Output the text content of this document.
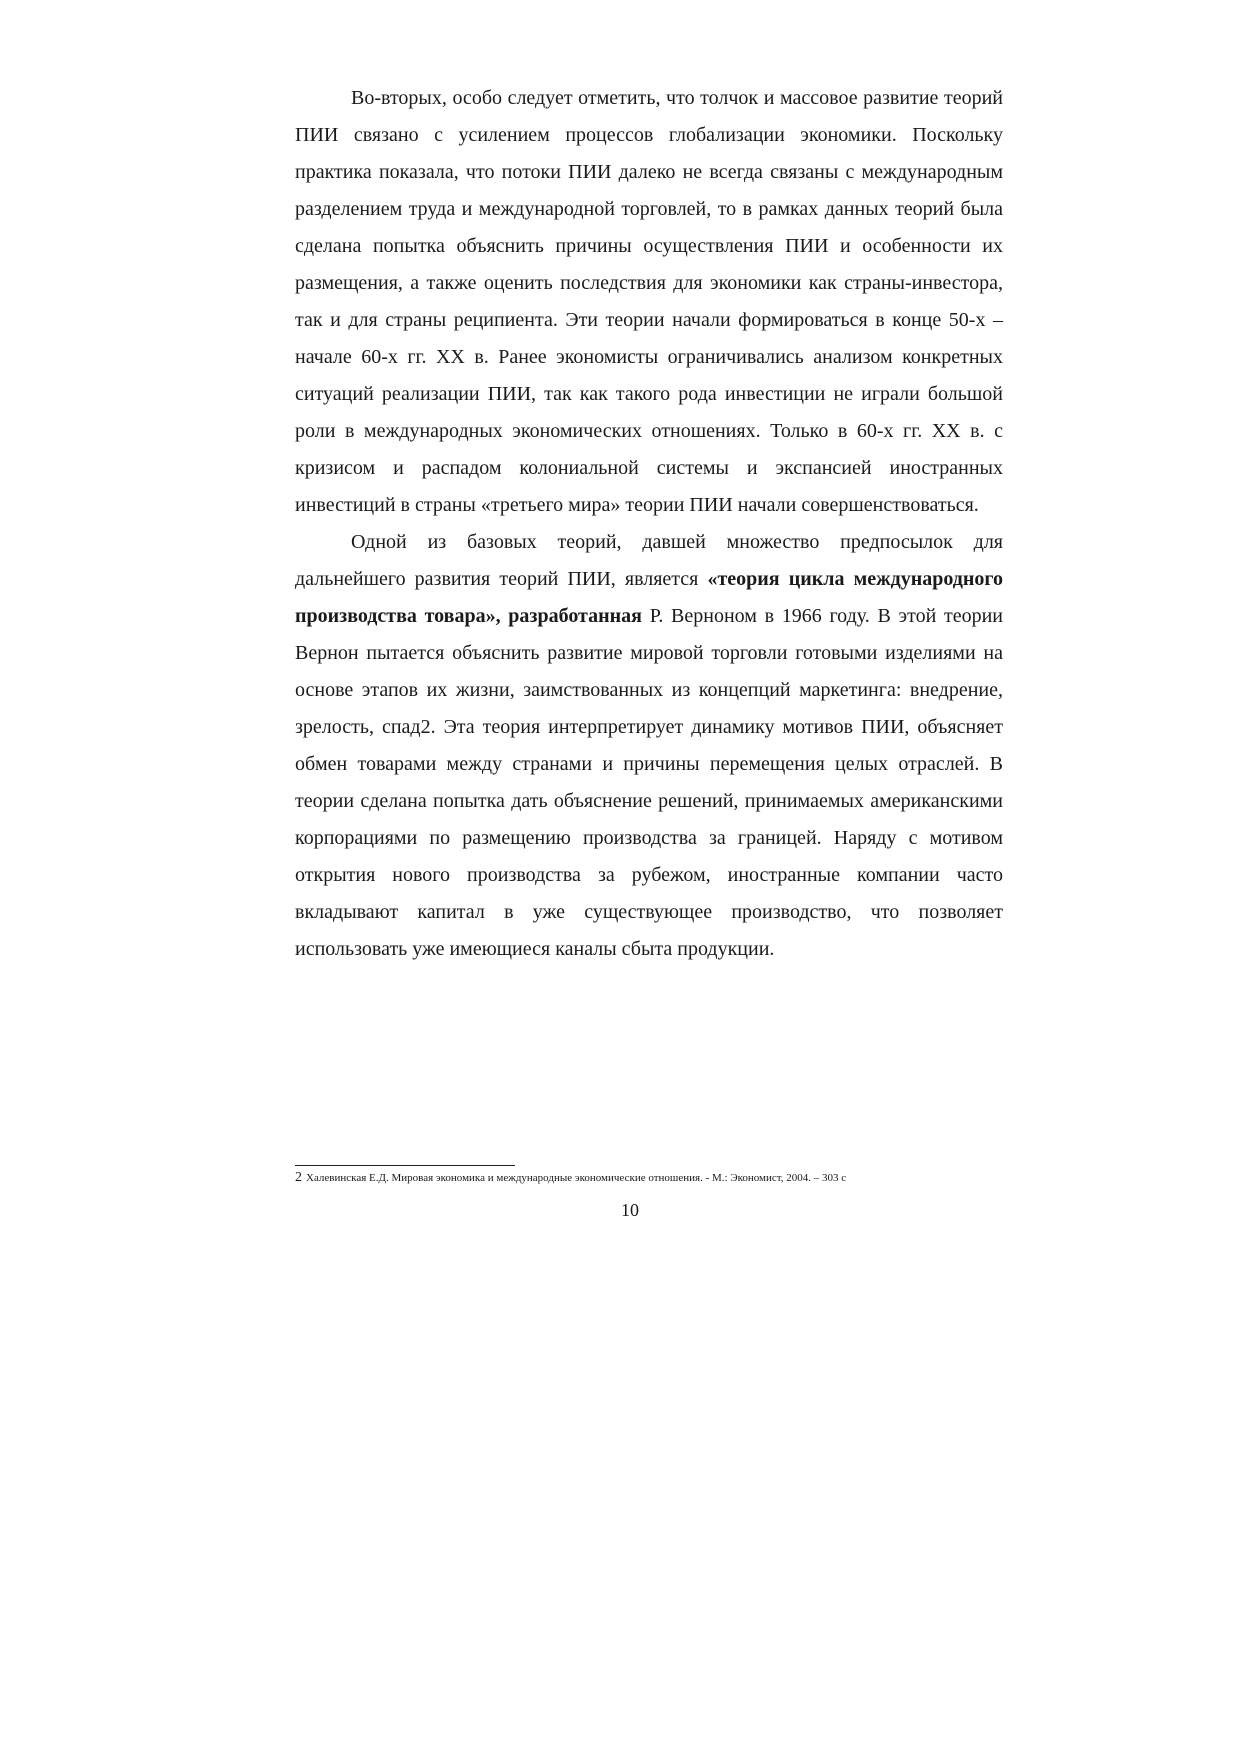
Во-вторых, особо следует отметить, что толчок и массовое развитие теорий ПИИ связано с усилением процессов глобализации экономики. Поскольку практика показала, что потоки ПИИ далеко не всегда связаны с международным разделением труда и международной торговлей, то в рамках данных теорий была сделана попытка объяснить причины осуществления ПИИ и особенности их размещения, а также оценить последствия для экономики как страны-инвестора, так и для страны реципиента. Эти теории начали формироваться в конце 50-х – начале 60-х гг. XX в. Ранее экономисты ограничивались анализом конкретных ситуаций реализации ПИИ, так как такого рода инвестиции не играли большой роли в международных экономических отношениях. Только в 60-х гг. XX в. с кризисом и распадом колониальной системы и экспансией иностранных инвестиций в страны «третьего мира» теории ПИИ начали совершенствоваться.

Одной из базовых теорий, давшей множество предпосылок для дальнейшего развития теорий ПИИ, является «теория цикла международного производства товара», разработанная Р. Верноном в 1966 году. В этой теории Вернон пытается объяснить развитие мировой торговли готовыми изделиями на основе этапов их жизни, заимствованных из концепций маркетинга: внедрение, зрелость, спад2. Эта теория интерпретирует динамику мотивов ПИИ, объясняет обмен товарами между странами и причины перемещения целых отраслей. В теории сделана попытка дать объяснение решений, принимаемых американскими корпорациями по размещению производства за границей. Наряду с мотивом открытия нового производства за рубежом, иностранные компании часто вкладывают капитал в уже существующее производство, что позволяет использовать уже имеющиеся каналы сбыта продукции.

2 Халевинская Е.Д. Мировая экономика и международные экономические отношения. - М.: Экономист, 2004. – 303 с
10
